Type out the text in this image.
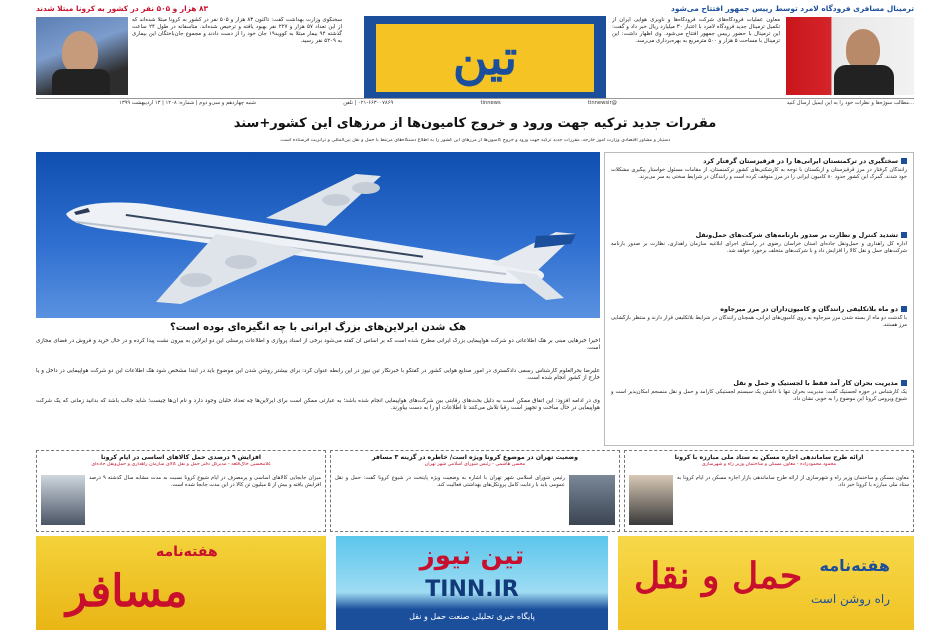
۸۳ هزار و ۵۰۵ نفر در کشور به کرونا مبتلا شدند	ترمینال مسافری فرودگاه لامرد توسط رییس جمهور افتتاح می‌شود
سخنگوی وزارت بهداشت گفت: تاکنون ۸۳ هزار و ۵۰۵ نفر در کشور به کرونا مبتلا شده‌اند که از این تعداد ۵۷ هزار و ۲۲۷ نفر بهبود یافته و ترخیص شده‌اند. متاسفانه در طول ۲۴ ساعت گذشته ۹۴ بیمار مبتلا به کووید۱۹ جان خود را از دست دادند و مجموع جان‌باختگان این بیماری به ۵۲۰۹ نفر رسید. تین
معاون عملیات فرودگاه‌های شرکت فرودگاه‌ها و ناوبری هوایی ایران از تکمیل ترمینال جدید فرودگاه لامرد با اعتبار ۳۰ میلیارد ریال خبر داد و گفت: این ترمینال با حضور رییس جمهور افتتاح می‌شود. وی اظهار داشت: این ترمینال با مساحت ۵ هزار و ۵۰۰ مترمربع به بهره‌برداری می‌رسد.
...مطالب سوژه‌ها و نظرات خود را به این ایمیل ارسال کنید
@tinnewsir
tinnews
۰۲۱-۶۶۳۰۰۷۸۶۹ | تلفن
شنبه چهاردهم و سی‌و دوم | شماره: ۱۲۰۸ | ۱۳ اردیبهشت ۱۳۹۹
مقررات جدید ترکیه جهت ورود و خروج کامیون‌ها از مرزهای این کشور+سند
دستیار و مشاور اقتصادی وزارت امور خارجه، مقررات جدید ترکیه جهت ورود و خروج کامیون‌ها از مرزهای این کشور را به اطلاع دستگاه‌های مرتبط با حمل و نقل بین‌المللی و ترانزیت فرستاده است.
هک شدن ایرلاین‌های بزرگ ایرانی با چه انگیزه‌ای بوده است؟
اخیراً خبرهایی مبنی بر هک اطلاعاتی دو شرکت هواپیمایی بزرگ ایرانی مطرح شده است که بر اساس آن گفته می‌شود برخی از اسناد پروازی و اطلاعات پرسنلی این دو ایرلاین به بیرون نشت پیدا کرده و در حال خرید و فروش در فضای مجازی است.
علیرضا بحرالعلوم کارشناس رسمی دادگستری در امور صنایع هوایی کشور در گفتگو با خبرنگار تین نیوز در این رابطه عنوان کرد: برای بیشتر روشن شدن این موضوع باید در ابتدا مشخص شود هک اطلاعات این دو شرکت هواپیمایی در داخل و یا خارج از کشور انجام شده است.
وی در ادامه افزود: این اتفاق ممکن است به دلیل بحث‌های رقابتی بین شرکت‌های هواپیمایی انجام شده باشد؛ به عبارتی ممکن است برای ایرلاین‌ها چه تعداد خلبان وجود دارد و نام آن‌ها چیست؛ شاید جالب باشد که بدانید زمانی که یک شرکت هواپیمایی در حال ساخت و تجهیز است رقبا تلاش می‌کنند تا اطلاعات او را به دست بیاورند.
سختگیری در ترکمنستان ایرانی‌ها را در قرقیزستان گرفتار کرد
رانندگان گرفتار در مرز قرقیزستان و ازبکستان با توجه به کارشکنی‌های کشور ترکمنستان، از مقامات مسئول خواستار پیگیری مشکلات خود شدند. گمرک این کشور حدود ۸۰ کامیون ایرانی را در مرز متوقف کرده است و رانندگان در شرایط سختی به سر می‌برند.
تشدید کنترل و نظارت بر صدور بارنامه‌های شرکت‌های حمل‌ونقل
اداره کل راهداری و حمل‌ونقل جاده‌ای استان خراسان رضوی در راستای اجرای ابلاغیه سازمان راهداری، نظارت بر صدور بارنامه شرکت‌های حمل و نقل کالا را افزایش داد و با شرکت‌های متخلف برخورد خواهد شد.
دو ماه بلاتکلیفی رانندگان و کامیون‌داران در مرز میرجاوه
با گذشت دو ماه از بسته شدن مرز میرجاوه به روی کامیون‌های ایرانی، همچنان رانندگان در شرایط بلاتکلیفی قرار دارند و منتظر بازگشایی مرز هستند.
مدیریت بحران کار آمد فقط با لجستیک و حمل و نقل
یک کارشناس در حوزه لجستیک گفت: مدیریت بحران تنها با داشتن یک سیستم لجستیکی کارآمد و حمل و نقل منسجم امکان‌پذیر است و شیوع ویروس کرونا این موضوع را به خوبی نشان داد.
افزایش ۹ درصدی حمل کالاهای اساسی در ایام کرونا
غلامحسین خاک‌قلعه - مدیرکل دفتر حمل و نقل کالای سازمان راهداری و حمل‌ونقل جاده‌ای
میزان جابجایی کالاهای اساسی و پرمصرف در ایام شیوع کرونا نسبت به مدت مشابه سال گذشته ۹ درصد افزایش یافته و بیش از ۵ میلیون تن کالا در این مدت جابجا شده است.
وضعیت تهران در موضوع کرونا ویژه است/ خاطره در گزینه ۳ مسافر
محسن هاشمی - رئیس شورای اسلامی شهر تهران
رئیس شورای اسلامی شهر تهران با اشاره به وضعیت ویژه پایتخت در شیوع کرونا گفت: حمل و نقل عمومی باید با رعایت کامل پروتکل‌های بهداشتی فعالیت کند.
ارائه طرح ساماندهی اجاره مسکن به ستاد ملی مبارزه با کرونا
محمود محمودزاده - معاون مسکن و ساختمان وزیر راه و شهرسازی
معاون مسکن و ساختمان وزیر راه و شهرسازی از ارائه طرح ساماندهی بازار اجاره مسکن در ایام کرونا به ستاد ملی مبارزه با کرونا خبر داد.
هفته‌نامه
مسافر
تین نیوز
TINN.IR
پایگاه خبری تحلیلی صنعت حمل و نقل
هفته‌نامه
راه روشن است
حمل و نقل
